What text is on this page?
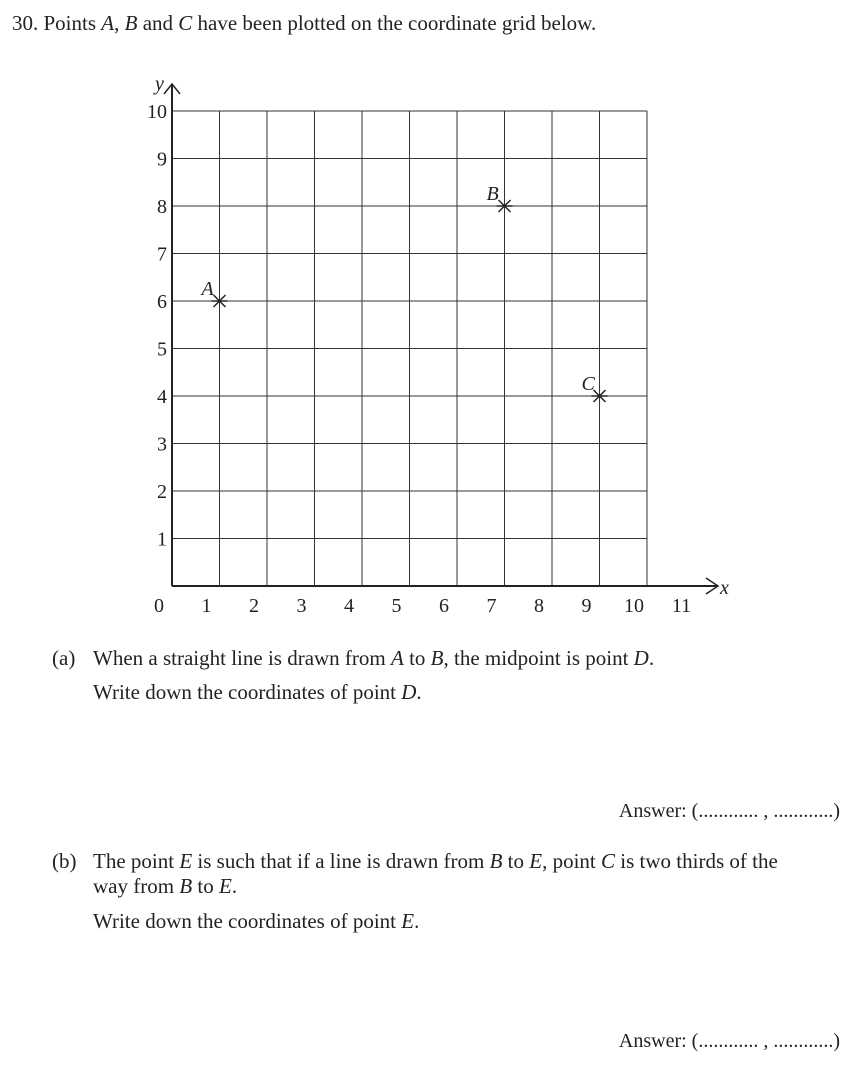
30. Points A, B and C have been plotted on the coordinate grid below.
y
x
0 1 2 3 4 5 6 7 8 9 10 11
1
2
3
4
5
6
7
8
9
10
A
B
C
(a) When a straight line is drawn from A to B, the midpoint is point D.
Write down the coordinates of point D.
Answer: (............ , ............)
(b) The point E is such that if a line is drawn from B to E, point C is two thirds of the
way from B to E.
Write down the coordinates of point E.
Answer: (............ , ............)
